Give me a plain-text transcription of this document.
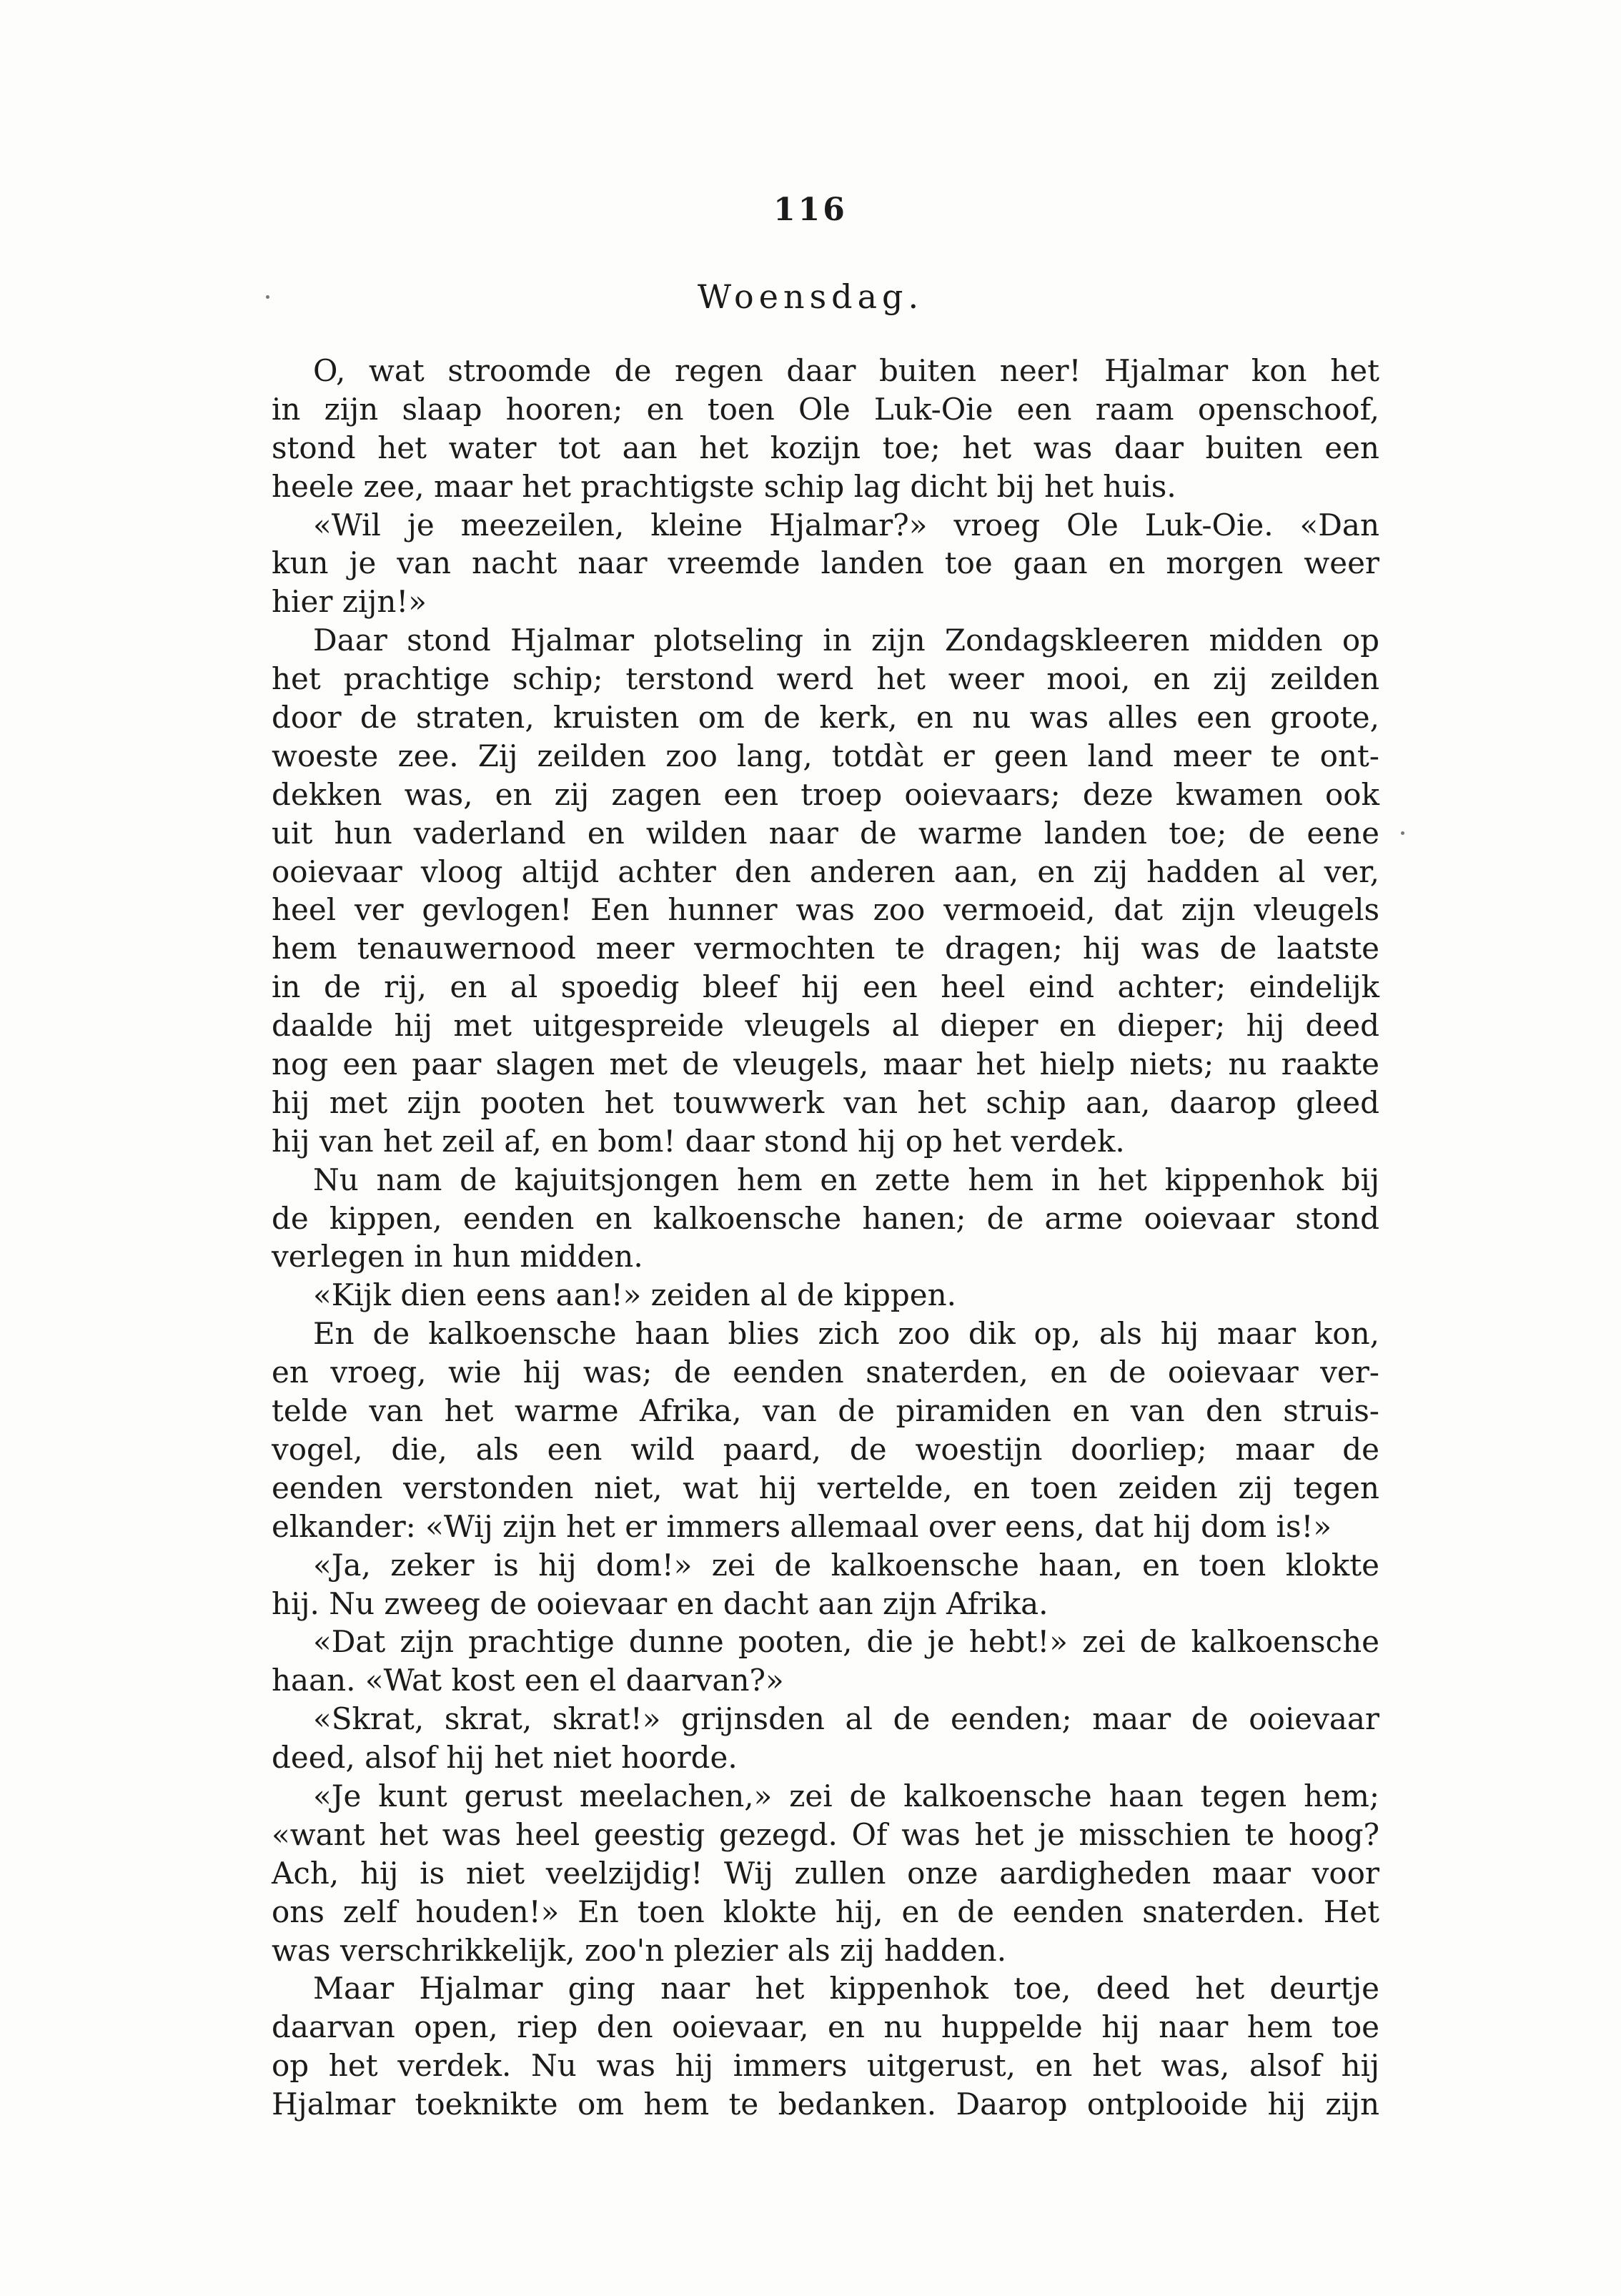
116
Woensdag.
O, wat stroomde de regen daar buiten neer! Hjalmar kon het
in zijn slaap hooren; en toen Ole Luk-Oie een raam openschoof,
stond het water tot aan het kozijn toe; het was daar buiten een
heele zee, maar het prachtigste schip lag dicht bij het huis.
«Wil je meezeilen, kleine Hjalmar?» vroeg Ole Luk-Oie. «Dan
kun je van nacht naar vreemde landen toe gaan en morgen weer
hier zijn!»
Daar stond Hjalmar plotseling in zijn Zondagskleeren midden op
het prachtige schip; terstond werd het weer mooi, en zij zeilden
door de straten, kruisten om de kerk, en nu was alles een groote,
woeste zee. Zij zeilden zoo lang, totdàt er geen land meer te ont-
dekken was, en zij zagen een troep ooievaars; deze kwamen ook
uit hun vaderland en wilden naar de warme landen toe; de eene
ooievaar vloog altijd achter den anderen aan, en zij hadden al ver,
heel ver gevlogen! Een hunner was zoo vermoeid, dat zijn vleugels
hem tenauwernood meer vermochten te dragen; hij was de laatste
in de rij, en al spoedig bleef hij een heel eind achter; eindelijk
daalde hij met uitgespreide vleugels al dieper en dieper; hij deed
nog een paar slagen met de vleugels, maar het hielp niets; nu raakte
hij met zijn pooten het touwwerk van het schip aan, daarop gleed
hij van het zeil af, en bom! daar stond hij op het verdek.
Nu nam de kajuitsjongen hem en zette hem in het kippenhok bij
de kippen, eenden en kalkoensche hanen; de arme ooievaar stond
verlegen in hun midden.
«Kijk dien eens aan!» zeiden al de kippen.
En de kalkoensche haan blies zich zoo dik op, als hij maar kon,
en vroeg, wie hij was; de eenden snaterden, en de ooievaar ver-
telde van het warme Afrika, van de piramiden en van den struis-
vogel, die, als een wild paard, de woestijn doorliep; maar de
eenden verstonden niet, wat hij vertelde, en toen zeiden zij tegen
elkander: «Wij zijn het er immers allemaal over eens, dat hij dom is!»
«Ja, zeker is hij dom!» zei de kalkoensche haan, en toen klokte
hij. Nu zweeg de ooievaar en dacht aan zijn Afrika.
«Dat zijn prachtige dunne pooten, die je hebt!» zei de kalkoensche
haan. «Wat kost een el daarvan?»
«Skrat, skrat, skrat!» grijnsden al de eenden; maar de ooievaar
deed, alsof hij het niet hoorde.
«Je kunt gerust meelachen,» zei de kalkoensche haan tegen hem;
«want het was heel geestig gezegd. Of was het je misschien te hoog?
Ach, hij is niet veelzijdig! Wij zullen onze aardigheden maar voor
ons zelf houden!» En toen klokte hij, en de eenden snaterden. Het
was verschrikkelijk, zoo'n plezier als zij hadden.
Maar Hjalmar ging naar het kippenhok toe, deed het deurtje
daarvan open, riep den ooievaar, en nu huppelde hij naar hem toe
op het verdek. Nu was hij immers uitgerust, en het was, alsof hij
Hjalmar toeknikte om hem te bedanken. Daarop ontplooide hij zijn
